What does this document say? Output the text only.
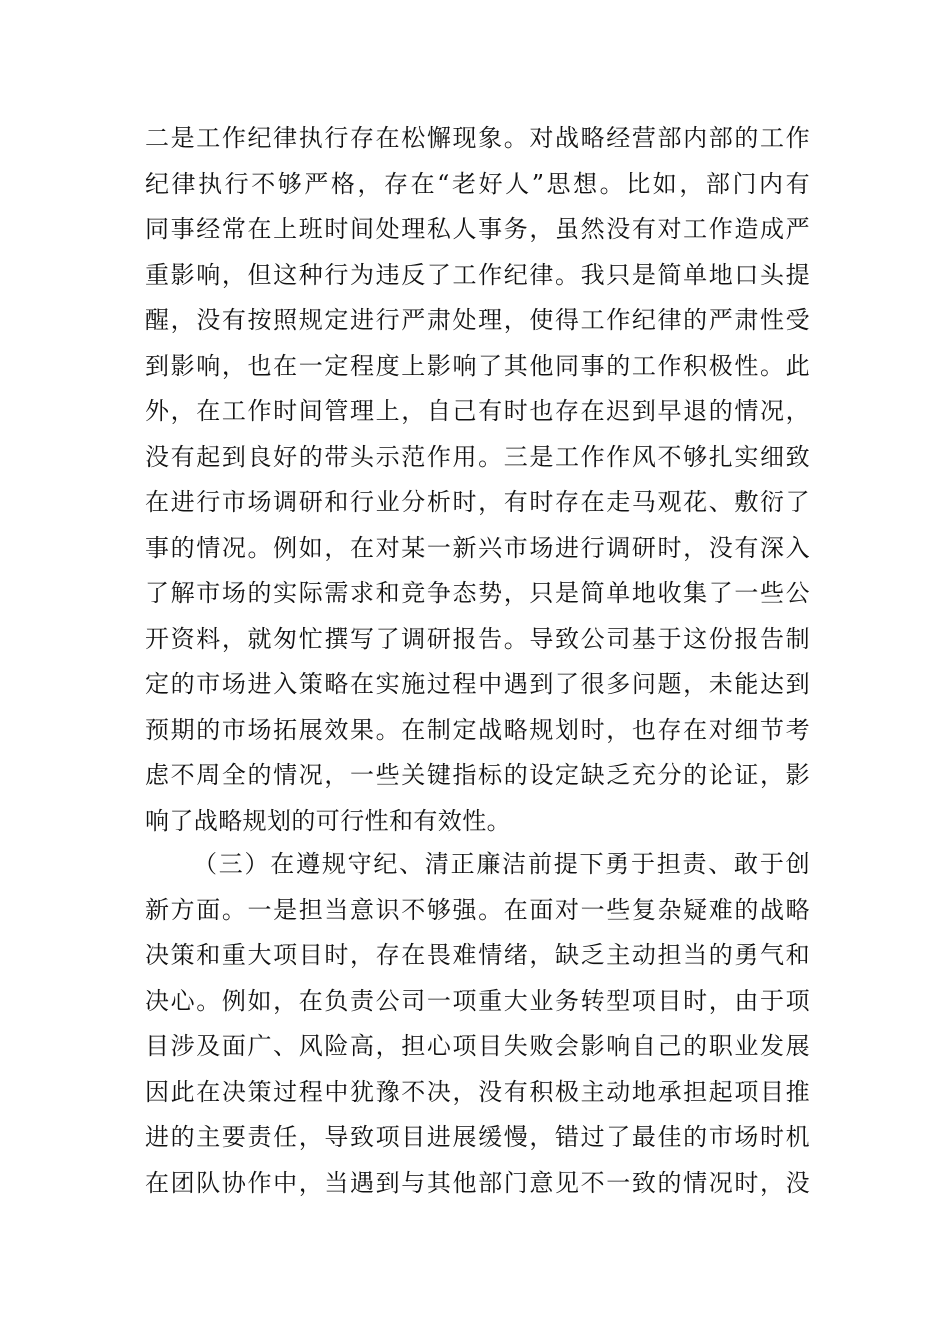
二是工作纪律执行存在松懈现象。对战略经营部内部的工作
纪律执行不够严格，存在“老好人”思想。比如，部门内有
同事经常在上班时间处理私人事务，虽然没有对工作造成严
重影响，但这种行为违反了工作纪律。我只是简单地口头提
醒，没有按照规定进行严肃处理，使得工作纪律的严肃性受
到影响，也在一定程度上影响了其他同事的工作积极性。此
外，在工作时间管理上，自己有时也存在迟到早退的情况，
没有起到良好的带头示范作用。三是工作作风不够扎实细致
在进行市场调研和行业分析时，有时存在走马观花、敷衍了
事的情况。例如，在对某一新兴市场进行调研时，没有深入
了解市场的实际需求和竞争态势，只是简单地收集了一些公
开资料，就匆忙撰写了调研报告。导致公司基于这份报告制
定的市场进入策略在实施过程中遇到了很多问题，未能达到
预期的市场拓展效果。在制定战略规划时，也存在对细节考
虑不周全的情况，一些关键指标的设定缺乏充分的论证，影
响了战略规划的可行性和有效性。
（三）在遵规守纪、清正廉洁前提下勇于担责、敢于创
新方面。一是担当意识不够强。在面对一些复杂疑难的战略
决策和重大项目时，存在畏难情绪，缺乏主动担当的勇气和
决心。例如，在负责公司一项重大业务转型项目时，由于项
目涉及面广、风险高，担心项目失败会影响自己的职业发展
因此在决策过程中犹豫不决，没有积极主动地承担起项目推
进的主要责任，导致项目进展缓慢，错过了最佳的市场时机
在团队协作中，当遇到与其他部门意见不一致的情况时，没
